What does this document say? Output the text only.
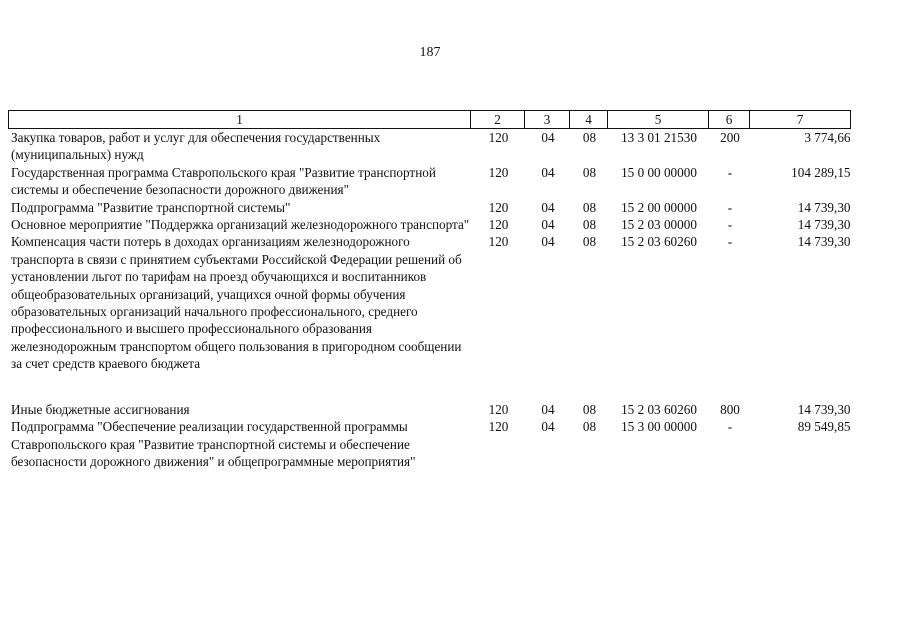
187
1	2	3	4	5	6	7
Закупка товаров, работ и услуг для обеспечения государственных (муниципальных) нужд	120	04	08	13 3 01 21530	200	3 774,66
Государственная программа Ставропольского края "Развитие транспортной системы и обеспечение безопасности дорожного движения"	120	04	08	15 0 00 00000	-	104 289,15
Подпрограмма "Развитие транспортной системы"	120	04	08	15 2 00 00000	-	14 739,30
Основное мероприятие "Поддержка организаций железнодорожного транспорта"	120	04	08	15 2 03 00000	-	14 739,30
Компенсация части потерь в доходах организациям железнодорожного транспорта в связи с принятием субъектами Российской Федерации решений об установлении льгот по тарифам на проезд обучающихся и воспитанников общеобразовательных организаций, учащихся очной формы обучения образовательных организаций начального профессионального, среднего профессионального и высшего профессионального образования железнодорожным транспортом общего пользования в пригородном сообщении за счет средств краевого бюджета	120	04	08	15 2 03 60260	-	14 739,30

Иные бюджетные ассигнования	120	04	08	15 2 03 60260	800	14 739,30
Подпрограмма "Обеспечение реализации государственной программы Ставропольского края "Развитие транспортной системы и обеспечение безопасности дорожного движения" и общепрограммные мероприятия"	120	04	08	15 3 00 00000	-	89 549,85
